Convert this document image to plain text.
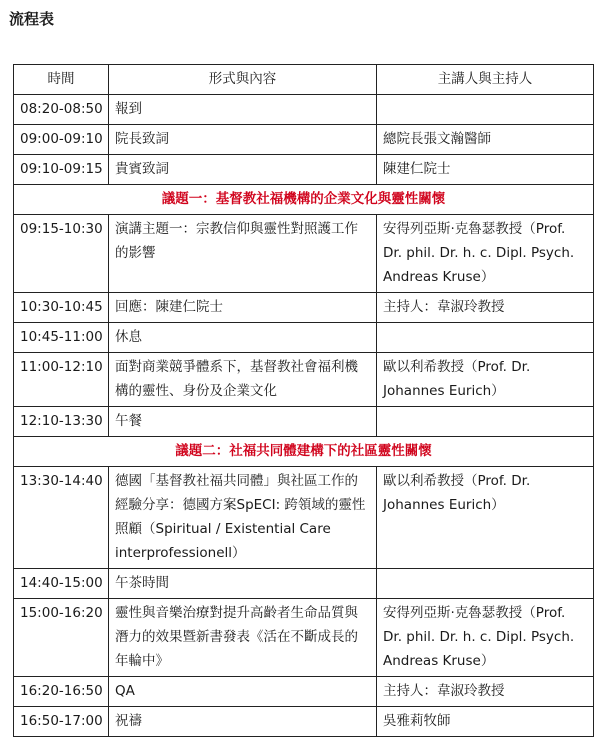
流程表
時間	形式與內容	主講人與主持人
08:20-08:50	報到	
09:00-09:10	院長致詞	總院長張文瀚醫師
09:10-09:15	貴賓致詞	陳建仁院士
議題一：基督教社福機構的企業文化與靈性關懷		
09:15-10:30	演講主題一：宗教信仰與靈性對照護工作的影響	安得列亞斯·克魯瑟教授（Prof. Dr. phil. Dr. h. c. Dipl. Psych. Andreas Kruse）
10:30-10:45	回應：陳建仁院士	主持人：韋淑玲教授
10:45-11:00	休息	
11:00-12:10	面對商業競爭體系下，基督教社會福利機構的靈性、身份及企業文化	歐以利希教授（Prof. Dr. Johannes Eurich）
12:10-13:30	午餐	
議題二：社福共同體建構下的社區靈性關懷		
13:30-14:40	德國「基督教社福共同體」與社區工作的經驗分享：德國方案SpECI: 跨領域的靈性照顧（Spiritual / Existential Care interprofessionell）	歐以利希教授（Prof. Dr. Johannes Eurich）
14:40-15:00	午茶時間	
15:00-16:20	靈性與音樂治療對提升高齡者生命品質與潛力的效果暨新書發表《活在不斷成長的年輪中》	安得列亞斯·克魯瑟教授（Prof. Dr. phil. Dr. h. c. Dipl. Psych. Andreas Kruse）
16:20-16:50	QA	主持人：韋淑玲教授
16:50-17:00	祝禱	吳雅莉牧師
